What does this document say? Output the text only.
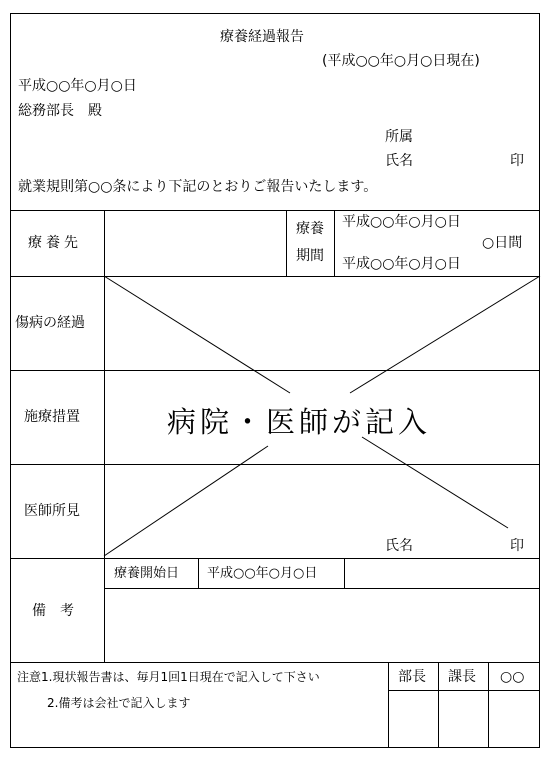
療養経過報告
(平成○○年○月○日現在)
平成○○年○月○日
総務部長　殿
所属
氏名	印
就業規則第○○条により下記のとおりご報告いたします。
療養先
療養
期間
平成○○年○月○日
○日間
平成○○年○月○日
傷病の経過
施療措置
医師所見
病院・医師が記入
氏名	印
備　考
療養開始日 平成○○年○月○日
注意1.現状報告書は、毎月1回1日現在で記入して下さい
2.備考は会社で記入します
部長 課長 ○○
